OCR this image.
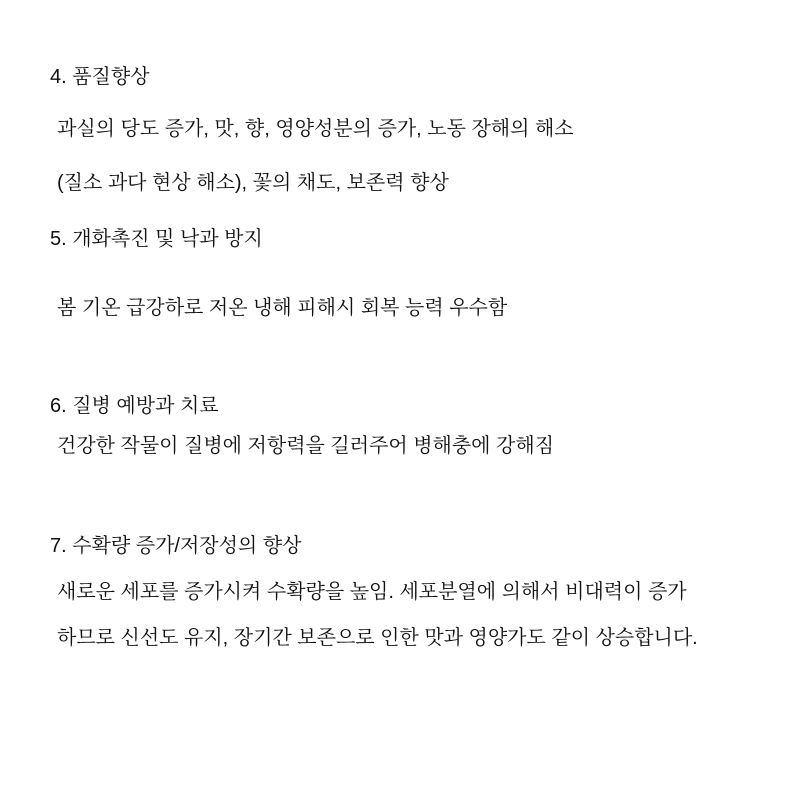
4. 품질향상
과실의 당도 증가, 맛, 향, 영양성분의 증가, 노동 장해의 해소
(질소 과다 현상 해소), 꽃의 채도, 보존력 향상
5. 개화촉진 및 낙과 방지
봄 기온 급강하로 저온 냉해 피해시 회복 능력 우수함
6. 질병 예방과 치료
건강한 작물이 질병에 저항력을 길러주어 병해충에 강해짐
7. 수확량 증가/저장성의 향상
새로운 세포를 증가시켜 수확량을 높임. 세포분열에 의해서 비대력이 증가
하므로 신선도 유지, 장기간 보존으로 인한 맛과 영양가도 같이 상승합니다.
